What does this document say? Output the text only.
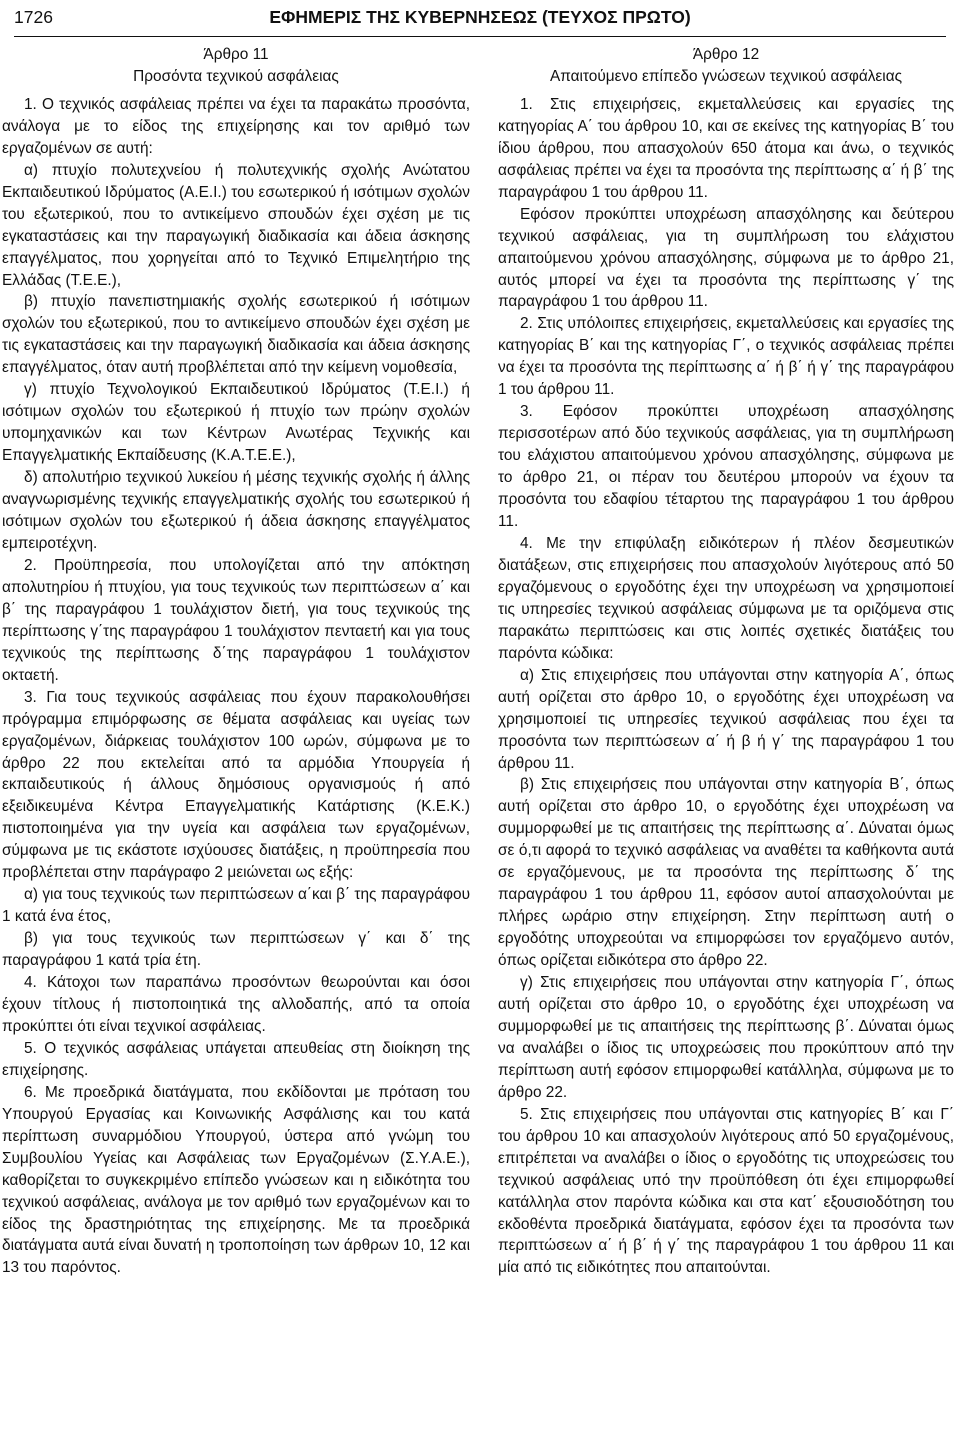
1726	ΕΦΗΜΕΡΙΣ ΤΗΣ ΚΥΒΕΡΝΗΣΕΩΣ (ΤΕΥΧΟΣ ΠΡΩΤΟ)

Άρθρο 11

Προσόντα τεχνικού ασφάλειας

1. Ο τεχνικός ασφάλειας πρέπει να έχει τα παρακάτω προσόντα, ανάλογα με το είδος της επιχείρησης και τον αριθμό των εργαζομένων σε αυτή:

α) πτυχίο πολυτεχνείου ή πολυτεχνικής σχολής Ανώτατου Εκπαιδευτικού Ιδρύματος (Α.Ε.Ι.) του εσωτερικού ή ισότιμων σχολών του εξωτερικού, που το αντικείμενο σπουδών έχει σχέση με τις εγκαταστάσεις και την παραγωγική διαδικασία και άδεια άσκησης επαγγέλματος, που χορηγείται από το Τεχνικό Επιμελητήριο της Ελλάδας (Τ.Ε.Ε.),

β) πτυχίο πανεπιστημιακής σχολής εσωτερικού ή ισότιμων σχολών του εξωτερικού, που το αντικείμενο σπουδών έχει σχέση με τις εγκαταστάσεις και την παραγωγική διαδικασία και άδεια άσκησης επαγγέλματος, όταν αυτή προβλέπεται από την κείμενη νομοθεσία,

γ) πτυχίο Τεχνολογικού Εκπαιδευτικού Ιδρύματος (Τ.Ε.Ι.) ή ισότιμων σχολών του εξωτερικού ή πτυχίο των πρώην σχολών υπομηχανικών και των Κέντρων Ανωτέρας Τεχνικής και Επαγγελματικής Εκπαίδευσης (Κ.Α.Τ.Ε.Ε.),

δ) απολυτήριο τεχνικού λυκείου ή μέσης τεχνικής σχολής ή άλλης αναγνωρισμένης τεχνικής επαγγελματικής σχολής του εσωτερικού ή ισότιμων σχολών του εξωτερικού ή άδεια άσκησης επαγγέλματος εμπειροτέχνη.

2. Προϋπηρεσία, που υπολογίζεται από την απόκτηση απολυτηρίου ή πτυχίου, για τους τεχνικούς των περιπτώσεων α΄ και β΄ της παραγράφου 1 τουλάχιστον διετή, για τους τεχνικούς της περίπτωσης γ΄της παραγράφου 1 τουλάχιστον πενταετή και για τους τεχνικούς της περίπτωσης δ΄της παραγράφου 1 τουλάχιστον οκταετή.

3. Για τους τεχνικούς ασφάλειας που έχουν παρακολουθήσει πρόγραμμα επιμόρφωσης σε θέματα ασφάλειας και υγείας των εργαζομένων, διάρκειας τουλάχιστον 100 ωρών, σύμφωνα με το άρθρο 22 που εκτελείται από τα αρμόδια Υπουργεία ή εκπαιδευτικούς ή άλλους δημόσιους οργανισμούς ή από εξειδικευμένα Κέντρα Επαγγελματικής Κατάρτισης (Κ.Ε.Κ.) πιστοποιημένα για την υγεία και ασφάλεια των εργαζομένων, σύμφωνα με τις εκάστοτε ισχύουσες διατάξεις, η προϋπηρεσία που προβλέπεται στην παράγραφο 2 μειώνεται ως εξής:

α) για τους τεχνικούς των περιπτώσεων α΄και β΄ της παραγράφου 1 κατά ένα έτος,

β) για τους τεχνικούς των περιπτώσεων γ΄ και δ΄ της παραγράφου 1 κατά τρία έτη.

4. Κάτοχοι των παραπάνω προσόντων θεωρούνται και όσοι έχουν τίτλους ή πιστοποιητικά της αλλοδαπής, από τα οποία προκύπτει ότι είναι τεχνικοί ασφάλειας.

5. Ο τεχνικός ασφάλειας υπάγεται απευθείας στη διοίκηση της επιχείρησης.

6. Με προεδρικά διατάγματα, που εκδίδονται με πρόταση του Υπουργού Εργασίας και Κοινωνικής Ασφάλισης και του κατά περίπτωση συναρμόδιου Υπουργού, ύστερα από γνώμη του Συμβουλίου Υγείας και Ασφάλειας των Εργαζομένων (Σ.Υ.Α.Ε.), καθορίζεται το συγκεκριμένο επίπεδο γνώσεων και η ειδικότητα του τεχνικού ασφάλειας, ανάλογα με τον αριθμό των εργαζομένων και το είδος της δραστηριότητας της επιχείρησης. Με τα προεδρικά διατάγματα αυτά είναι δυνατή η τροποποίηση των άρθρων 10, 12 και 13 του παρόντος.

Άρθρο 12

Απαιτούμενο επίπεδο γνώσεων τεχνικού ασφάλειας

1. Στις επιχειρήσεις, εκμεταλλεύσεις και εργασίες της κατηγορίας Α΄ του άρθρου 10, και σε εκείνες της κατηγορίας Β΄ του ίδιου άρθρου, που απασχολούν 650 άτομα και άνω, ο τεχνικός ασφάλειας πρέπει να έχει τα προσόντα της περίπτωσης α΄ ή β΄ της παραγράφου 1 του άρθρου 11.

Εφόσον προκύπτει υποχρέωση απασχόλησης και δεύτερου τεχνικού ασφάλειας, για τη συμπλήρωση του ελάχιστου απαιτούμενου χρόνου απασχόλησης, σύμφωνα με το άρθρο 21, αυτός μπορεί να έχει τα προσόντα της περίπτωσης γ΄ της παραγράφου 1 του άρθρου 11.

2. Στις υπόλοιπες επιχειρήσεις, εκμεταλλεύσεις και εργασίες της κατηγορίας Β΄ και της κατηγορίας Γ΄, ο τεχνικός ασφάλειας πρέπει να έχει τα προσόντα της περίπτωσης α΄ ή β΄ ή γ΄ της παραγράφου 1 του άρθρου 11.

3. Εφόσον προκύπτει υποχρέωση απασχόλησης περισσοτέρων από δύο τεχνικούς ασφάλειας, για τη συμπλήρωση του ελάχιστου απαιτούμενου χρόνου απασχόλησης, σύμφωνα με το άρθρο 21, οι πέραν του δευτέρου μπορούν να έχουν τα προσόντα του εδαφίου τέταρτου της παραγράφου 1 του άρθρου 11.

4. Με την επιφύλαξη ειδικότερων ή πλέον δεσμευτικών διατάξεων, στις επιχειρήσεις που απασχολούν λιγότερους από 50 εργαζόμενους ο εργοδότης έχει την υποχρέωση να χρησιμοποιεί τις υπηρεσίες τεχνικού ασφάλειας σύμφωνα με τα οριζόμενα στις παρακάτω περιπτώσεις και στις λοιπές σχετικές διατάξεις του παρόντα κώδικα:

α) Στις επιχειρήσεις που υπάγονται στην κατηγορία Α΄, όπως αυτή ορίζεται στο άρθρο 10, ο εργοδότης έχει υποχρέωση να χρησιμοποιεί τις υπηρεσίες τεχνικού ασφάλειας που έχει τα προσόντα των περιπτώσεων α΄ ή β ή γ΄ της παραγράφου 1 του άρθρου 11.

β) Στις επιχειρήσεις που υπάγονται στην κατηγορία Β΄, όπως αυτή ορίζεται στο άρθρο 10, ο εργοδότης έχει υποχρέωση να συμμορφωθεί με τις απαιτήσεις της περίπτωσης α΄. Δύναται όμως σε ό,τι αφορά το τεχνικό ασφάλειας να αναθέτει τα καθήκοντα αυτά σε εργαζόμενους, με τα προσόντα της περίπτωσης δ΄ της παραγράφου 1 του άρθρου 11, εφόσον αυτοί απασχολούνται με πλήρες ωράριο στην επιχείρηση. Στην περίπτωση αυτή ο εργοδότης υποχρεούται να επιμορφώσει τον εργαζόμενο αυτόν, όπως ορίζεται ειδικότερα στο άρθρο 22.

γ) Στις επιχειρήσεις που υπάγονται στην κατηγορία Γ΄, όπως αυτή ορίζεται στο άρθρο 10, ο εργοδότης έχει υποχρέωση να συμμορφωθεί με τις απαιτήσεις της περίπτωσης β΄. Δύναται όμως να αναλάβει ο ίδιος τις υποχρεώσεις που προκύπτουν από την περίπτωση αυτή εφόσον επιμορφωθεί κατάλληλα, σύμφωνα με το άρθρο 22.

5. Στις επιχειρήσεις που υπάγονται στις κατηγορίες Β΄ και Γ΄ του άρθρου 10 και απασχολούν λιγότερους από 50 εργαζομένους, επιτρέπεται να αναλάβει ο ίδιος ο εργοδότης τις υποχρεώσεις του τεχνικού ασφάλειας υπό την προϋπόθεση ότι έχει επιμορφωθεί κατάλληλα στον παρόντα κώδικα και στα κατ΄ εξουσιοδότηση του εκδοθέντα προεδρικά διατάγματα, εφόσον έχει τα προσόντα των περιπτώσεων α΄ ή β΄ ή γ΄ της παραγράφου 1 του άρθρου 11 και μία από τις ειδικότητες που απαιτούνται.
